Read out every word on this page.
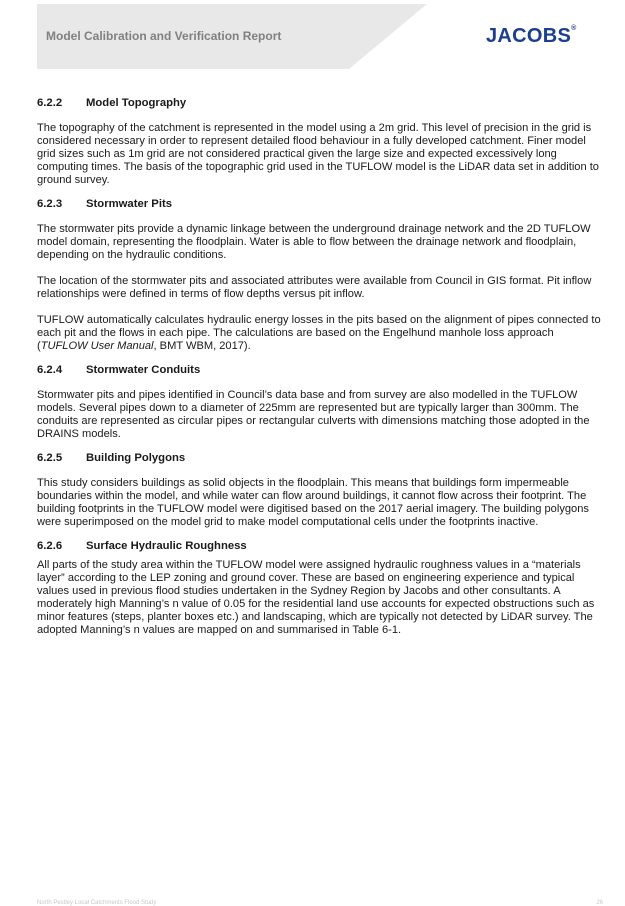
Model Calibration and Verification Report	JACOBS®
6.2.2 Model Topography

The topography of the catchment is represented in the model using a 2m grid. This level of precision in the grid is considered necessary in order to represent detailed flood behaviour in a fully developed catchment. Finer model grid sizes such as 1m grid are not considered practical given the large size and expected excessively long computing times. The basis of the topographic grid used in the TUFLOW model is the LiDAR data set in addition to ground survey.

6.2.3 Stormwater Pits

The stormwater pits provide a dynamic linkage between the underground drainage network and the 2D TUFLOW model domain, representing the floodplain. Water is able to flow between the drainage network and floodplain, depending on the hydraulic conditions.

The location of the stormwater pits and associated attributes were available from Council in GIS format. Pit inflow relationships were defined in terms of flow depths versus pit inflow.

TUFLOW automatically calculates hydraulic energy losses in the pits based on the alignment of pipes connected to each pit and the flows in each pipe. The calculations are based on the Engelhund manhole loss approach (TUFLOW User Manual, BMT WBM, 2017).

6.2.4 Stormwater Conduits

Stormwater pits and pipes identified in Council’s data base and from survey are also modelled in the TUFLOW models. Several pipes down to a diameter of 225mm are represented but are typically larger than 300mm. The conduits are represented as circular pipes or rectangular culverts with dimensions matching those adopted in the DRAINS models.

6.2.5 Building Polygons

This study considers buildings as solid objects in the floodplain. This means that buildings form impermeable boundaries within the model, and while water can flow around buildings, it cannot flow across their footprint. The building footprints in the TUFLOW model were digitised based on the 2017 aerial imagery. The building polygons were superimposed on the model grid to make model computational cells under the footprints inactive.

6.2.6 Surface Hydraulic Roughness

All parts of the study area within the TUFLOW model were assigned hydraulic roughness values in a “materials layer” according to the LEP zoning and ground cover. These are based on engineering experience and typical values used in previous flood studies undertaken in the Sydney Region by Jacobs and other consultants. A moderately high Manning’s n value of 0.05 for the residential land use accounts for expected obstructions such as minor features (steps, planter boxes etc.) and landscaping, which are typically not detected by LiDAR survey. The adopted Manning’s n values are mapped on and summarised in Table 6-1.

North Pestley Local Catchments Flood Study	26
